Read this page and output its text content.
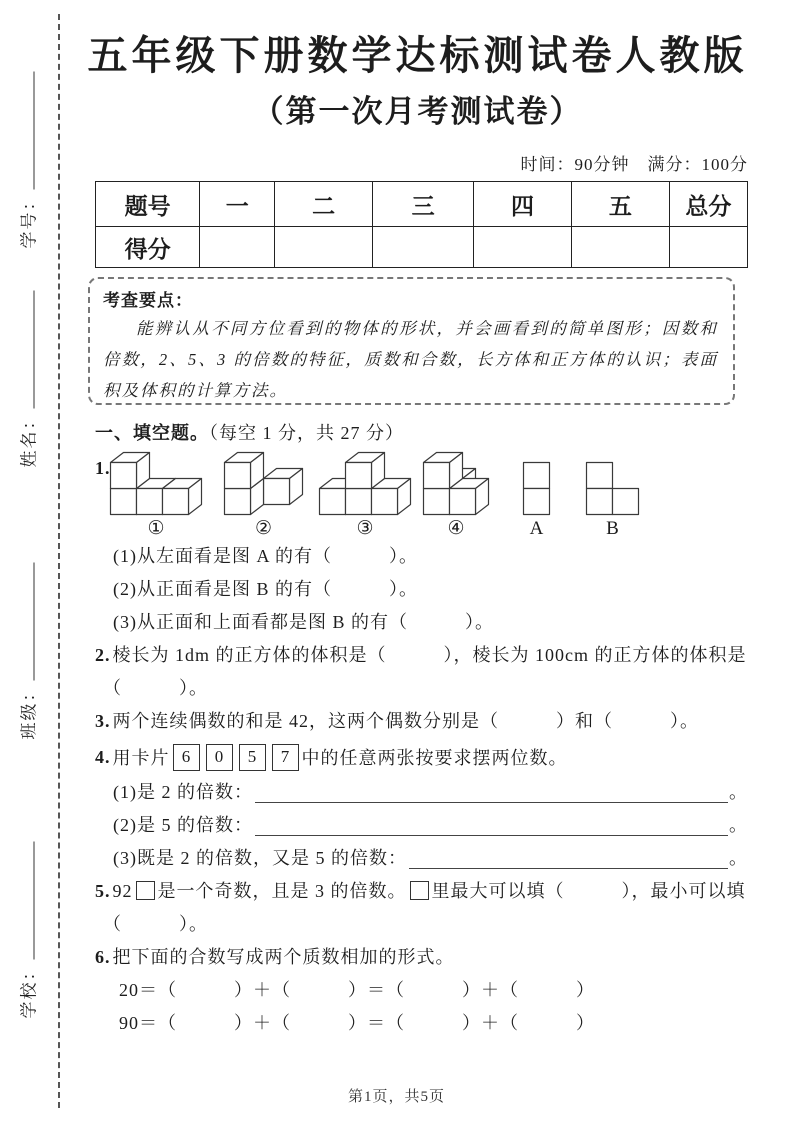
学号：
姓名：
班级：
学校：
五年级下册数学达标测试卷人教版
（第一次月考测试卷）
时间：90分钟　满分：100分
题号	一	二	三	四	五	总分
得分						
考查要点：

能辨认从不同方位看到的物体的形状，并会画看到的简单图形；因数和倍数，2、5、3 的倍数的特征，质数和合数，长方体和正方体的认识；表面积及体积的计算方法。

一、填空题。（每空 1 分，共 27 分）
1.
①	②	③	④	A	B
(1)从左面看是图 A 的有（　　　）。
(2)从正面看是图 B 的有（　　　）。
(3)从正面和上面看都是图 B 的有（　　　）。
2. 棱长为 1dm 的正方体的体积是（　　　），棱长为 100cm 的正方体的体积是
（　　　）。
3. 两个连续偶数的和是 42，这两个偶数分别是（　　　）和（　　　）。
4. 用卡片 6	0	5	7 中的任意两张按要求摆两位数。
(1)是 2 的倍数：	。
(2)是 5 的倍数：	。
(3)既是 2 的倍数，又是 5 的倍数：	。
5. 92 是一个奇数，且是 3 的倍数。 里最大可以填（　　　），最小可以填
（　　　）。
6. 把下面的合数写成两个质数相加的形式。
20＝（　　　）＋（　　　）＝（　　　）＋（　　　）
90＝（　　　）＋（　　　）＝（　　　）＋（　　　）
第1页，共5页
